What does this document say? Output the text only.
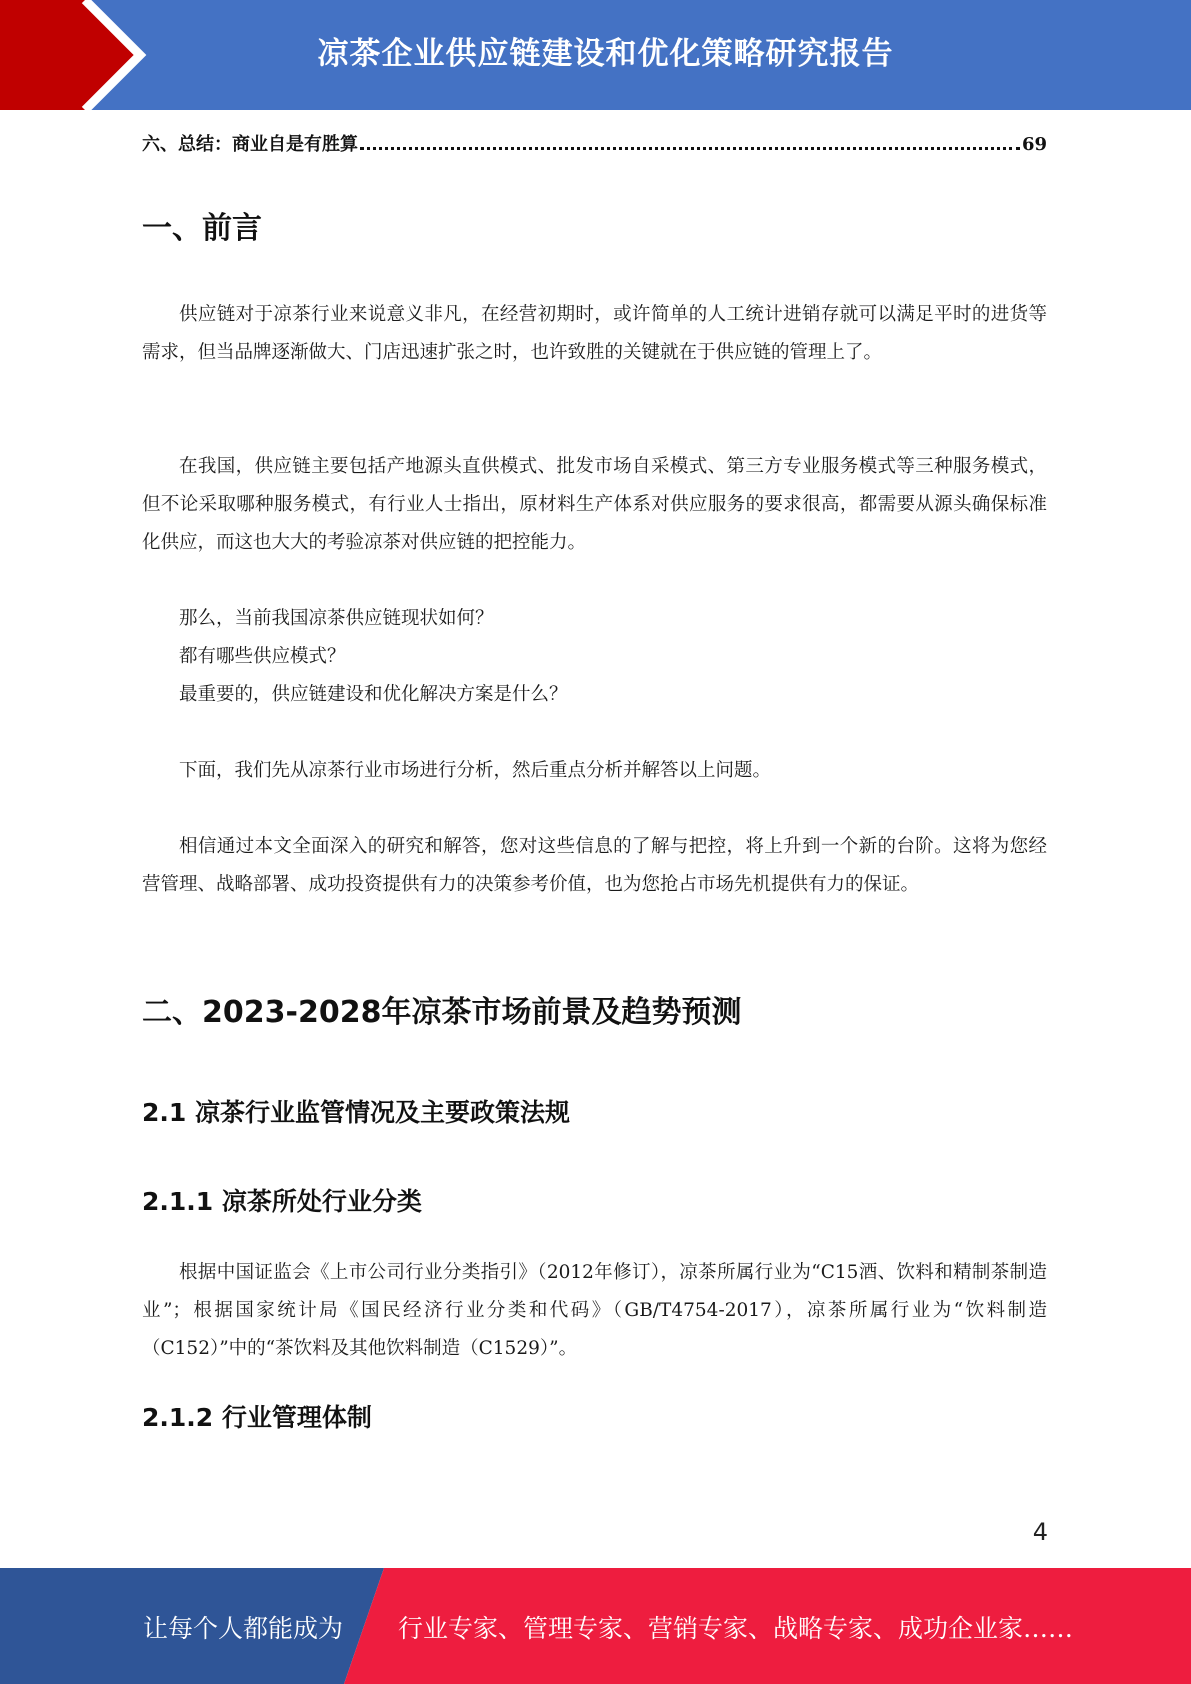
凉茶企业供应链建设和优化策略研究报告
六、总结：商业自是有胜算	69
一、前言
供应链对于凉茶行业来说意义非凡，在经营初期时，或许简单的人工统计进销存就可以满足平时的进货等需求，但当品牌逐渐做大、门店迅速扩张之时，也许致胜的关键就在于供应链的管理上了。
在我国，供应链主要包括产地源头直供模式、批发市场自采模式、第三方专业服务模式等三种服务模式，但不论采取哪种服务模式，有行业人士指出，原材料生产体系对供应服务的要求很高，都需要从源头确保标准化供应，而这也大大的考验凉茶对供应链的把控能力。
那么，当前我国凉茶供应链现状如何？
都有哪些供应模式？
最重要的，供应链建设和优化解决方案是什么？
下面，我们先从凉茶行业市场进行分析，然后重点分析并解答以上问题。
相信通过本文全面深入的研究和解答，您对这些信息的了解与把控，将上升到一个新的台阶。这将为您经营管理、战略部署、成功投资提供有力的决策参考价值，也为您抢占市场先机提供有力的保证。
二、2023-2028年凉茶市场前景及趋势预测
2.1 凉茶行业监管情况及主要政策法规
2.1.1 凉茶所处行业分类
根据中国证监会《上市公司行业分类指引》（2012年修订），凉茶所属行业为“C15酒、饮料和精制茶制造业”；根据国家统计局《国民经济行业分类和代码》（GB/T4754-2017），凉茶所属行业为“饮料制造（C152）”中的“茶饮料及其他饮料制造（C1529）”。
2.1.2 行业管理体制
4
让每个人都能成为 行业专家、管理专家、营销专家、战略专家、成功企业家……
